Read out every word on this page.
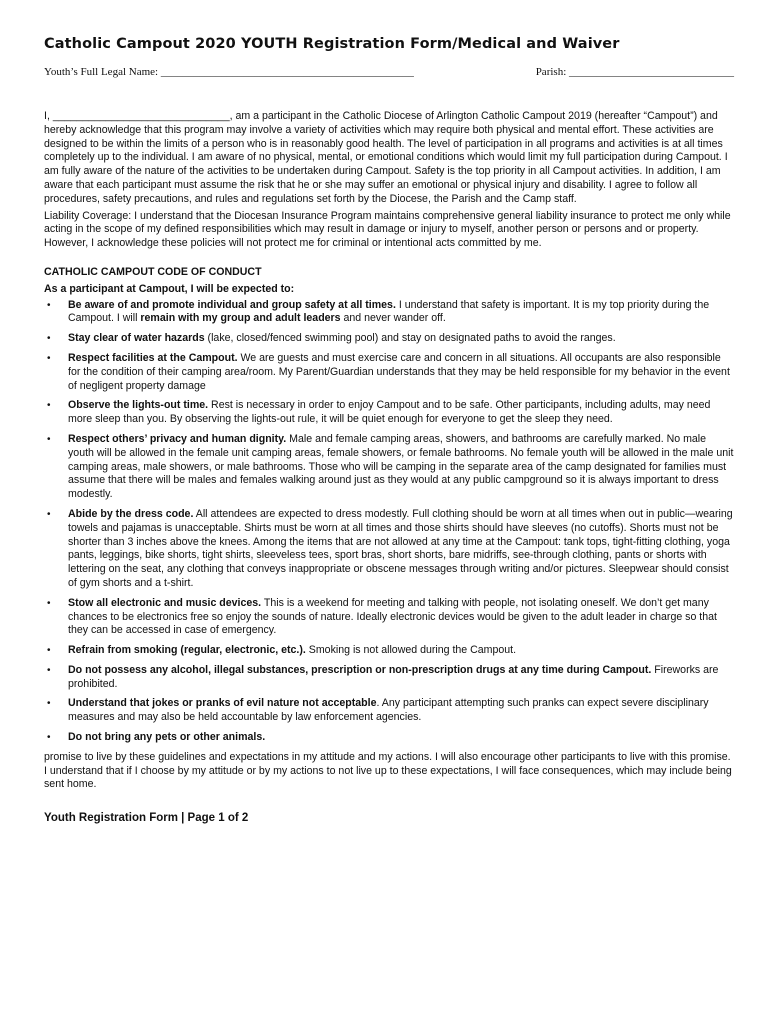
Catholic Campout 2020 YOUTH Registration Form/Medical and Waiver
Youth’s Full Legal Name: ______________________________________________	Parish: ______________________________

I, ______________________________, am a participant in the Catholic Diocese of Arlington Catholic Campout 2019 (hereafter “Campout”) and hereby acknowledge that this program may involve a variety of activities which may require both physical and mental effort. These activities are designed to be within the limits of a person who is in reasonably good health. The level of participation in all programs and activities is at all times completely up to the individual. I am aware of no physical, mental, or emotional conditions which would limit my full participation during Campout. I am fully aware of the nature of the activities to be undertaken during Campout. Safety is the top priority in all Campout activities. In addition, I am aware that each participant must assume the risk that he or she may suffer an emotional or physical injury and disability. I agree to follow all procedures, safety precautions, and rules and regulations set forth by the Diocese, the Parish and the Camp staff.

Liability Coverage: I understand that the Diocesan Insurance Program maintains comprehensive general liability insurance to protect me only while acting in the scope of my defined responsibilities which may result in damage or injury to myself, another person or persons and or property. However, I acknowledge these policies will not protect me for criminal or intentional acts committed by me.

CATHOLIC CAMPOUT CODE OF CONDUCT
As a participant at Campout, I will be expected to:
• Be aware of and promote individual and group safety at all times. I understand that safety is important. It is my top priority during the Campout. I will remain with my group and adult leaders and never wander off.
• Stay clear of water hazards (lake, closed/fenced swimming pool) and stay on designated paths to avoid the ranges.
• Respect facilities at the Campout. We are guests and must exercise care and concern in all situations. All occupants are also responsible for the condition of their camping area/room. My Parent/Guardian understands that they may be held responsible for my behavior in the event of negligent property damage
• Observe the lights-out time. Rest is necessary in order to enjoy Campout and to be safe. Other participants, including adults, may need more sleep than you. By observing the lights-out rule, it will be quiet enough for everyone to get the sleep they need.
• Respect others’ privacy and human dignity. Male and female camping areas, showers, and bathrooms are carefully marked. No male youth will be allowed in the female unit camping areas, female showers, or female bathrooms. No female youth will be allowed in the male unit camping areas, male showers, or male bathrooms. Those who will be camping in the separate area of the camp designated for families must assume that there will be males and females walking around just as they would at any public campground so it is always important to dress modestly.
• Abide by the dress code. All attendees are expected to dress modestly. Full clothing should be worn at all times when out in public—wearing towels and pajamas is unacceptable. Shirts must be worn at all times and those shirts should have sleeves (no cutoffs). Shorts must not be shorter than 3 inches above the knees. Among the items that are not allowed at any time at the Campout: tank tops, tight-fitting clothing, yoga pants, leggings, bike shorts, tight shirts, sleeveless tees, sport bras, short shorts, bare midriffs, see-through clothing, pants or shorts with lettering on the seat, any clothing that conveys inappropriate or obscene messages through writing and/or pictures. Sleepwear should consist of gym shorts and a t-shirt.
• Stow all electronic and music devices. This is a weekend for meeting and talking with people, not isolating oneself. We don’t get many chances to be electronics free so enjoy the sounds of nature. Ideally electronic devices would be given to the adult leader in charge so that they can be accessed in case of emergency.
• Refrain from smoking (regular, electronic, etc.). Smoking is not allowed during the Campout.
• Do not possess any alcohol, illegal substances, prescription or non-prescription drugs at any time during Campout. Fireworks are prohibited.
• Understand that jokes or pranks of evil nature not acceptable. Any participant attempting such pranks can expect severe disciplinary measures and may also be held accountable by law enforcement agencies.
• Do not bring any pets or other animals.

promise to live by these guidelines and expectations in my attitude and my actions. I will also encourage other participants to live with this promise. I understand that if I choose by my attitude or by my actions to not live up to these expectations, I will face consequences, which may include being sent home.

Youth Registration Form | Page 1 of 2
